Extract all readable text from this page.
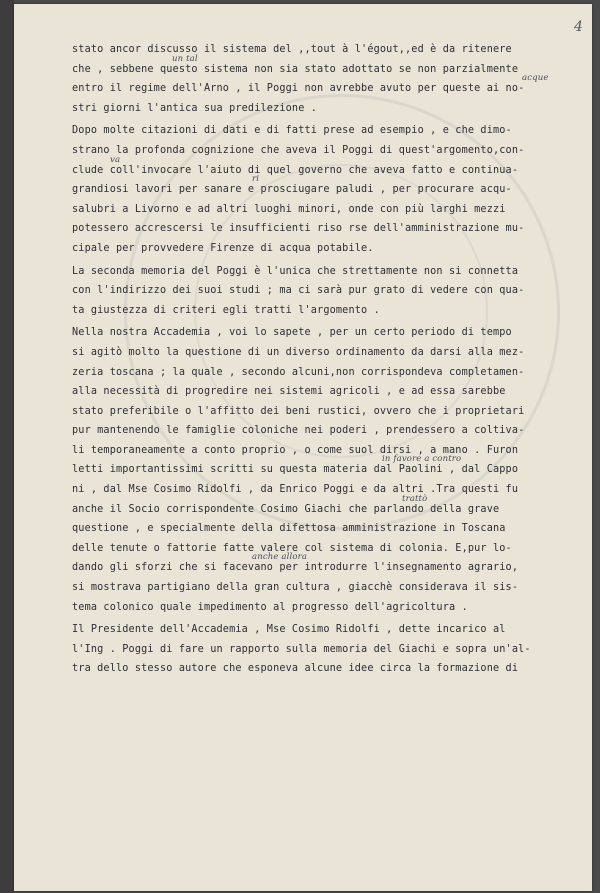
4
stato ancor discusso il sistema del ,,tout à l'égout,,ed è da ritenere
che , sebbene questo sistema non sia stato adottato se non parzialmente
un tal
entro il regime dell'Arno , il Poggi non avrebbe avuto per queste ai no-
acque
stri giorni l'antica sua predilezione .
Dopo molte citazioni di dati e di fatti prese ad esempio , e che dimo-
strano la profonda cognizione che aveva il Poggi di quest'argomento,con-
clude coll'invocare l'aiuto di quel governo che aveva fatto e continua-
va
grandiosi lavori per sanare e prosciugare paludi , per procurare acqu-
ri
salubri a Livorno e ad altri luoghi minori, onde con più larghi mezzi
potessero accrescersi le insufficienti riso rse dell'amministrazione mu-
cipale per provvedere Firenze di acqua potabile.
La seconda memoria del Poggi è l'unica che strettamente non si connetta
con l'indirizzo dei suoi studi ; ma ci sarà pur grato di vedere con qua-
ta giustezza di criteri egli tratti l'argomento .
Nella nostra Accademia , voi lo sapete , per un certo periodo di tempo
si agitò molto la questione di un diverso ordinamento da darsi alla mez-
zeria toscana ; la quale , secondo alcuni,non corrispondeva completamen-
alla necessità di progredire nei sistemi agricoli , e ad essa sarebbe
stato preferibile o l'affitto dei beni rustici, ovvero che i proprietari
pur mantenendo le famiglie coloniche nei poderi , prendessero a coltiva-
li temporaneamente a conto proprio , o come suol dirsi , a mano . Furon
letti importantissimi scritti su questa materia dal Paolini , dal Cappo
in favore a contro
ni , dal Mse Cosimo Ridolfi , da Enrico Poggi e da altri .Tra questi fu
anche il Socio corrispondente Cosimo Giachi che parlando della grave
trattò
questione , e specialmente della difettosa amministrazione in Toscana
delle tenute o fattorie fatte valere col sistema di colonia. E,pur lo-
dando gli sforzi che si facevano per introdurre l'insegnamento agrario,
anche allora
si mostrava partigiano della gran cultura , giacchè considerava il sis-
tema colonico quale impedimento al progresso dell'agricoltura .
Il Presidente dell'Accademia , Mse Cosimo Ridolfi , dette incarico al
l'Ing . Poggi di fare un rapporto sulla memoria del Giachi e sopra un'al-
tra dello stesso autore che esponeva alcune idee circa la formazione di
